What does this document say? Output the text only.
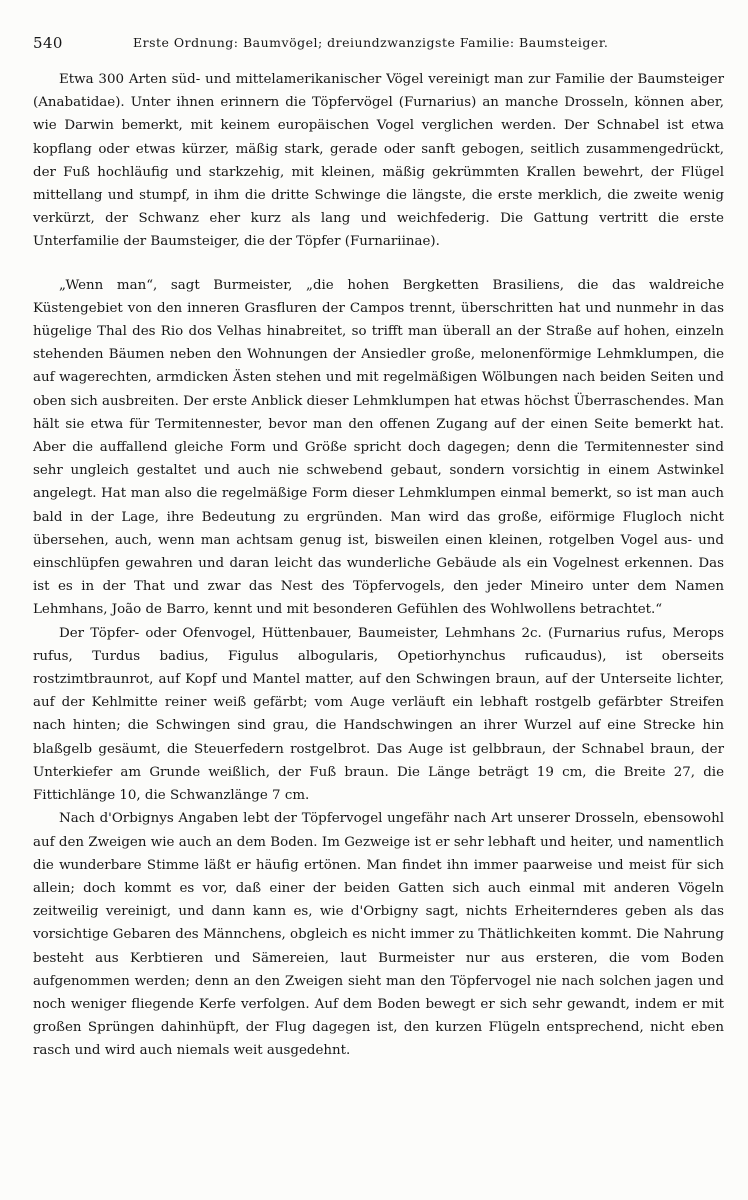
540	Erste Ordnung: Baumvögel; dreiundzwanzigste Familie: Baumsteiger.

Etwa 300 Arten süd- und mittelamerikanischer Vögel vereinigt man zur Familie der Baumsteiger (Anabatidae). Unter ihnen erinnern die Töpfervögel (Furnarius) an manche Drosseln, können aber, wie Darwin bemerkt, mit keinem europäischen Vogel verglichen werden. Der Schnabel ist etwa kopflang oder etwas kürzer, mäßig stark, gerade oder sanft gebogen, seitlich zusammengedrückt, der Fuß hochläufig und starkzehig, mit kleinen, mäßig gekrümmten Krallen bewehrt, der Flügel mittellang und stumpf, in ihm die dritte Schwinge die längste, die erste merklich, die zweite wenig verkürzt, der Schwanz eher kurz als lang und weichfederig. Die Gattung vertritt die erste Unterfamilie der Baumsteiger, die der Töpfer (Furnariinae).

„Wenn man“, sagt Burmeister, „die hohen Bergketten Brasiliens, die das waldreiche Küstengebiet von den inneren Grasfluren der Campos trennt, überschritten hat und nunmehr in das hügelige Thal des Rio dos Velhas hinabreitet, so trifft man überall an der Straße auf hohen, einzeln stehenden Bäumen neben den Wohnungen der Ansiedler große, melonenförmige Lehmklumpen, die auf wagerechten, armdicken Ästen stehen und mit regelmäßigen Wölbungen nach beiden Seiten und oben sich ausbreiten. Der erste Anblick dieser Lehmklumpen hat etwas höchst Überraschendes. Man hält sie etwa für Termitennester, bevor man den offenen Zugang auf der einen Seite bemerkt hat. Aber die auffallend gleiche Form und Größe spricht doch dagegen; denn die Termitennester sind sehr ungleich gestaltet und auch nie schwebend gebaut, sondern vorsichtig in einem Astwinkel angelegt. Hat man also die regelmäßige Form dieser Lehmklumpen einmal bemerkt, so ist man auch bald in der Lage, ihre Bedeutung zu ergründen. Man wird das große, eiförmige Flugloch nicht übersehen, auch, wenn man achtsam genug ist, bisweilen einen kleinen, rotgelben Vogel aus- und einschlüpfen gewahren und daran leicht das wunderliche Gebäude als ein Vogelnest erkennen. Das ist es in der That und zwar das Nest des Töpfervogels, den jeder Mineiro unter dem Namen Lehmhans, João de Barro, kennt und mit besonderen Gefühlen des Wohlwollens betrachtet.“

Der Töpfer- oder Ofenvogel, Hüttenbauer, Baumeister, Lehmhans 2c. (Furnarius rufus, Merops rufus, Turdus badius, Figulus albogularis, Opetiorhynchus ruficaudus), ist oberseits rostzimtbraunrot, auf Kopf und Mantel matter, auf den Schwingen braun, auf der Unterseite lichter, auf der Kehlmitte reiner weiß gefärbt; vom Auge verläuft ein lebhaft rostgelb gefärbter Streifen nach hinten; die Schwingen sind grau, die Handschwingen an ihrer Wurzel auf eine Strecke hin blaßgelb gesäumt, die Steuerfedern rostgelbrot. Das Auge ist gelbbraun, der Schnabel braun, der Unterkiefer am Grunde weißlich, der Fuß braun. Die Länge beträgt 19 cm, die Breite 27, die Fittichlänge 10, die Schwanzlänge 7 cm.

Nach d'Orbignys Angaben lebt der Töpfervogel ungefähr nach Art unserer Drosseln, ebensowohl auf den Zweigen wie auch an dem Boden. Im Gezweige ist er sehr lebhaft und heiter, und namentlich die wunderbare Stimme läßt er häufig ertönen. Man findet ihn immer paarweise und meist für sich allein; doch kommt es vor, daß einer der beiden Gatten sich auch einmal mit anderen Vögeln zeitweilig vereinigt, und dann kann es, wie d'Orbigny sagt, nichts Erheiternderes geben als das vorsichtige Gebaren des Männchens, obgleich es nicht immer zu Thätlichkeiten kommt. Die Nahrung besteht aus Kerbtieren und Sämereien, laut Burmeister nur aus ersteren, die vom Boden aufgenommen werden; denn an den Zweigen sieht man den Töpfervogel nie nach solchen jagen und noch weniger fliegende Kerfe verfolgen. Auf dem Boden bewegt er sich sehr gewandt, indem er mit großen Sprüngen dahinhüpft, der Flug dagegen ist, den kurzen Flügeln entsprechend, nicht eben rasch und wird auch niemals weit ausgedehnt.
